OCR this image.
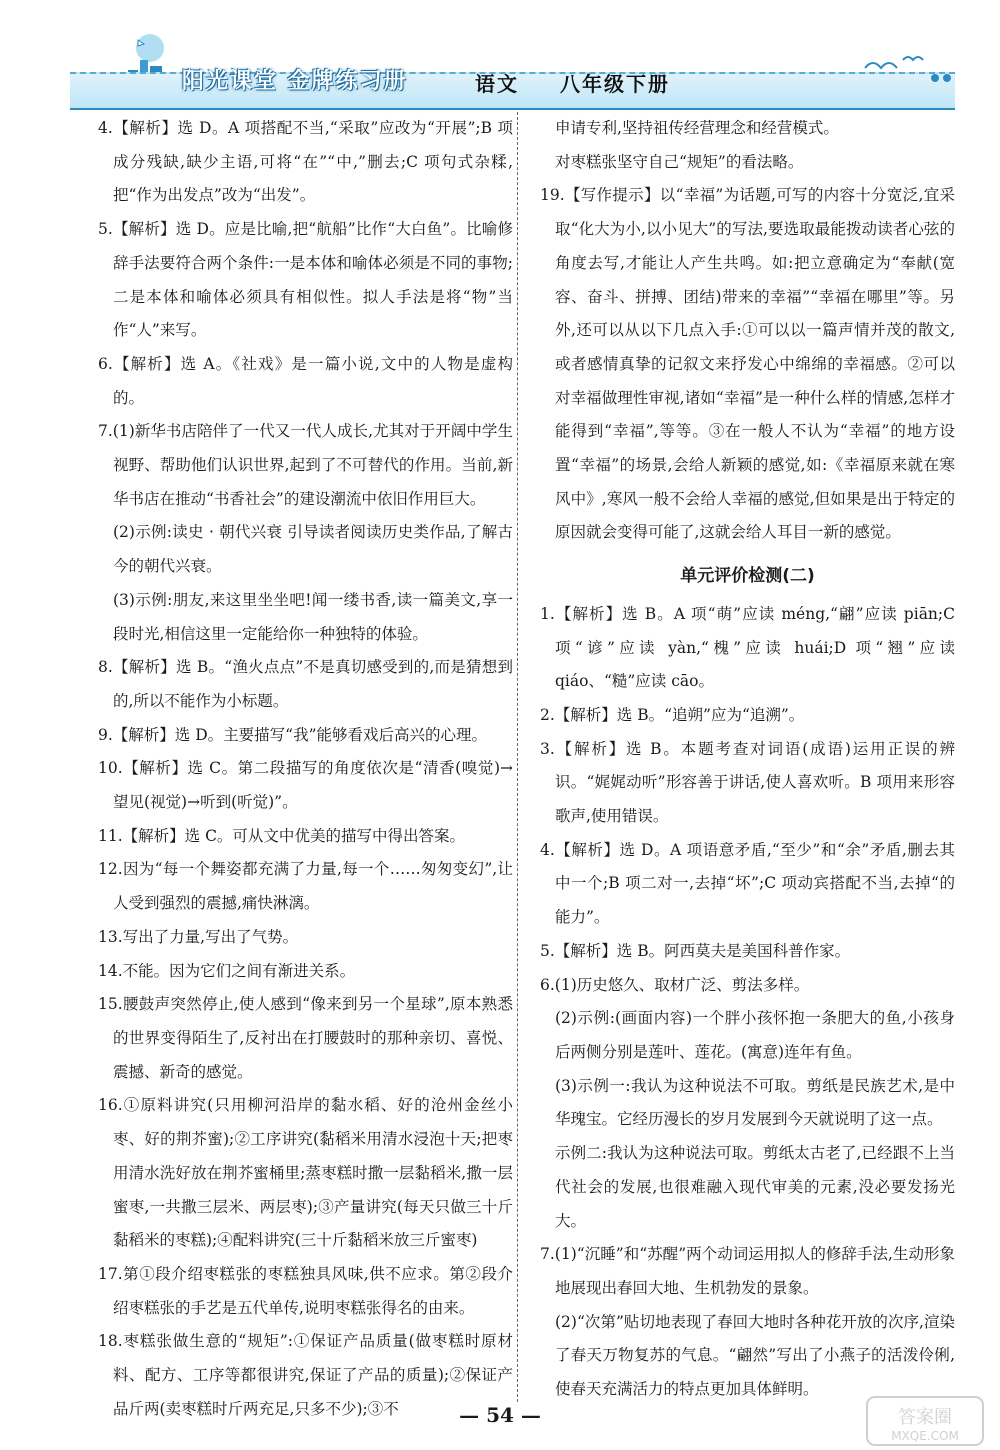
阳光课堂 金牌练习册	语文 八年级下册
4.【解析】选 D。A 项搭配不当,“采取”应改为“开展”;B 项成分残缺,缺少主语,可将“在”“中,”删去;C 项句式杂糅,把“作为出发点”改为“出发”。
5.【解析】选 D。应是比喻,把“航船”比作“大白鱼”。比喻修辞手法要符合两个条件:一是本体和喻体必须是不同的事物;二是本体和喻体必须具有相似性。拟人手法是将“物”当作“人”来写。
6.【解析】选 A。《社戏》是一篇小说,文中的人物是虚构的。
7.(1)新华书店陪伴了一代又一代人成长,尤其对于开阔中学生视野、帮助他们认识世界,起到了不可替代的作用。当前,新华书店在推动“书香社会”的建设潮流中依旧作用巨大。
(2)示例:读史 · 朝代兴衰 引导读者阅读历史类作品,了解古今的朝代兴衰。
(3)示例:朋友,来这里坐坐吧!闻一缕书香,读一篇美文,享一段时光,相信这里一定能给你一种独特的体验。
8.【解析】选 B。“渔火点点”不是真切感受到的,而是猜想到的,所以不能作为小标题。
9.【解析】选 D。主要描写“我”能够看戏后高兴的心理。
10.【解析】选 C。第二段描写的角度依次是“清香(嗅觉)→望见(视觉)→听到(听觉)”。
11.【解析】选 C。可从文中优美的描写中得出答案。
12.因为“每一个舞姿都充满了力量,每一个……匆匆变幻”,让人受到强烈的震撼,痛快淋漓。
13.写出了力量,写出了气势。
14.不能。因为它们之间有渐进关系。
15.腰鼓声突然停止,使人感到“像来到另一个星球”,原本熟悉的世界变得陌生了,反衬出在打腰鼓时的那种亲切、喜悦、震撼、新奇的感觉。
16.①原料讲究(只用柳河沿岸的黏水稻、好的沧州金丝小枣、好的荆芥蜜);②工序讲究(黏稻米用清水浸泡十天;把枣用清水洗好放在荆芥蜜桶里;蒸枣糕时撒一层黏稻米,撒一层蜜枣,一共撒三层米、两层枣);③产量讲究(每天只做三十斤黏稻米的枣糕);④配料讲究(三十斤黏稻米放三斤蜜枣)
17.第①段介绍枣糕张的枣糕独具风味,供不应求。第②段介绍枣糕张的手艺是五代单传,说明枣糕张得名的由来。
18.枣糕张做生意的“规矩”:①保证产品质量(做枣糕时原材料、配方、工序等都很讲究,保证了产品的质量);②保证产品斤两(卖枣糕时斤两充足,只多不少);③不
申请专利,坚持祖传经营理念和经营模式。
对枣糕张坚守自己“规矩”的看法略。
19.【写作提示】以“幸福”为话题,可写的内容十分宽泛,宜采取“化大为小,以小见大”的写法,要选取最能拨动读者心弦的角度去写,才能让人产生共鸣。如:把立意确定为“奉献(宽容、奋斗、拼搏、团结)带来的幸福”“幸福在哪里”等。另外,还可以从以下几点入手:①可以以一篇声情并茂的散文,或者感情真挚的记叙文来抒发心中绵绵的幸福感。②可以对幸福做理性审视,诸如“幸福”是一种什么样的情感,怎样才能得到“幸福”,等等。③在一般人不认为“幸福”的地方设置“幸福”的场景,会给人新颖的感觉,如:《幸福原来就在寒风中》,寒风一般不会给人幸福的感觉,但如果是出于特定的原因就会变得可能了,这就会给人耳目一新的感觉。
单元评价检测(二)
1.【解析】选 B。A 项“萌”应读 méng,“翩”应读 piān;C 项“谚”应读 yàn,“槐”应读 huái;D 项“翘”应读 qiáo、“糙”应读 cāo。
2.【解析】选 B。“追朔”应为“追溯”。
3.【解析】选 B。本题考查对词语(成语)运用正误的辨识。“娓娓动听”形容善于讲话,使人喜欢听。B 项用来形容歌声,使用错误。
4.【解析】选 D。A 项语意矛盾,“至少”和“余”矛盾,删去其中一个;B 项二对一,去掉“坏”;C 项动宾搭配不当,去掉“的能力”。
5.【解析】选 B。阿西莫夫是美国科普作家。
6.(1)历史悠久、取材广泛、剪法多样。
(2)示例:(画面内容)一个胖小孩怀抱一条肥大的鱼,小孩身后两侧分别是莲叶、莲花。(寓意)连年有鱼。
(3)示例一:我认为这种说法不可取。剪纸是民族艺术,是中华瑰宝。它经历漫长的岁月发展到今天就说明了这一点。
示例二:我认为这种说法可取。剪纸太古老了,已经跟不上当代社会的发展,也很难融入现代审美的元素,没必要发扬光大。
7.(1)“沉睡”和“苏醒”两个动词运用拟人的修辞手法,生动形象地展现出春回大地、生机勃发的景象。
(2)“次第”贴切地表现了春回大地时各种花开放的次序,渲染了春天万物复苏的气息。“翩然”写出了小燕子的活泼伶俐,使春天充满活力的特点更加具体鲜明。
— 54 —	答案圈
MXQE.COM
